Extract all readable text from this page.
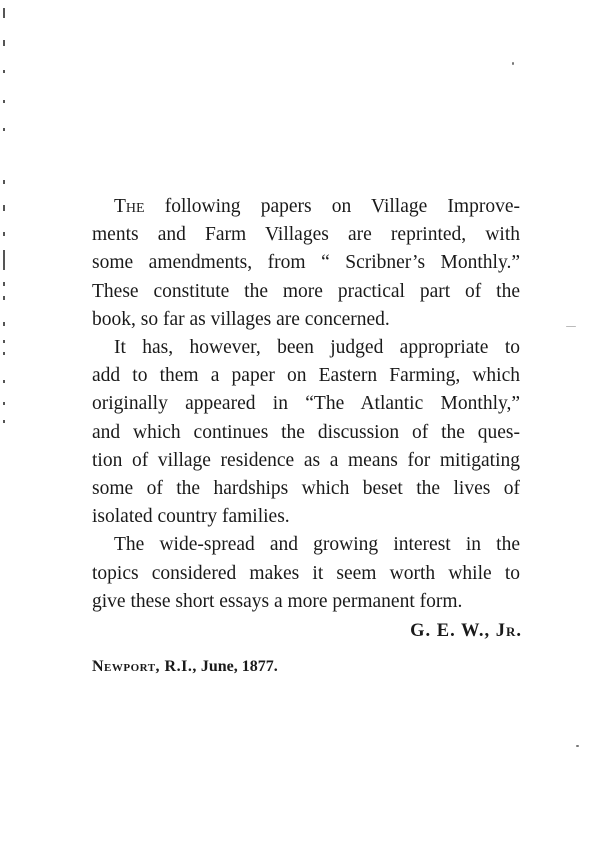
The following papers on Village Improve-
ments and Farm Villages are reprinted, with
some amendments, from “ Scribner’s Monthly.”
These constitute the more practical part of the
book, so far as villages are concerned.

It has, however, been judged appropriate to
add to them a paper on Eastern Farming, which
originally appeared in “The Atlantic Monthly,”
and which continues the discussion of the ques-
tion of village residence as a means for mitigating
some of the hardships which beset the lives of
isolated country families.

The wide-spread and growing interest in the
topics considered makes it seem worth while to
give these short essays a more permanent form.

G. E. W., Jr.
Newport, R.I., June, 1877.
